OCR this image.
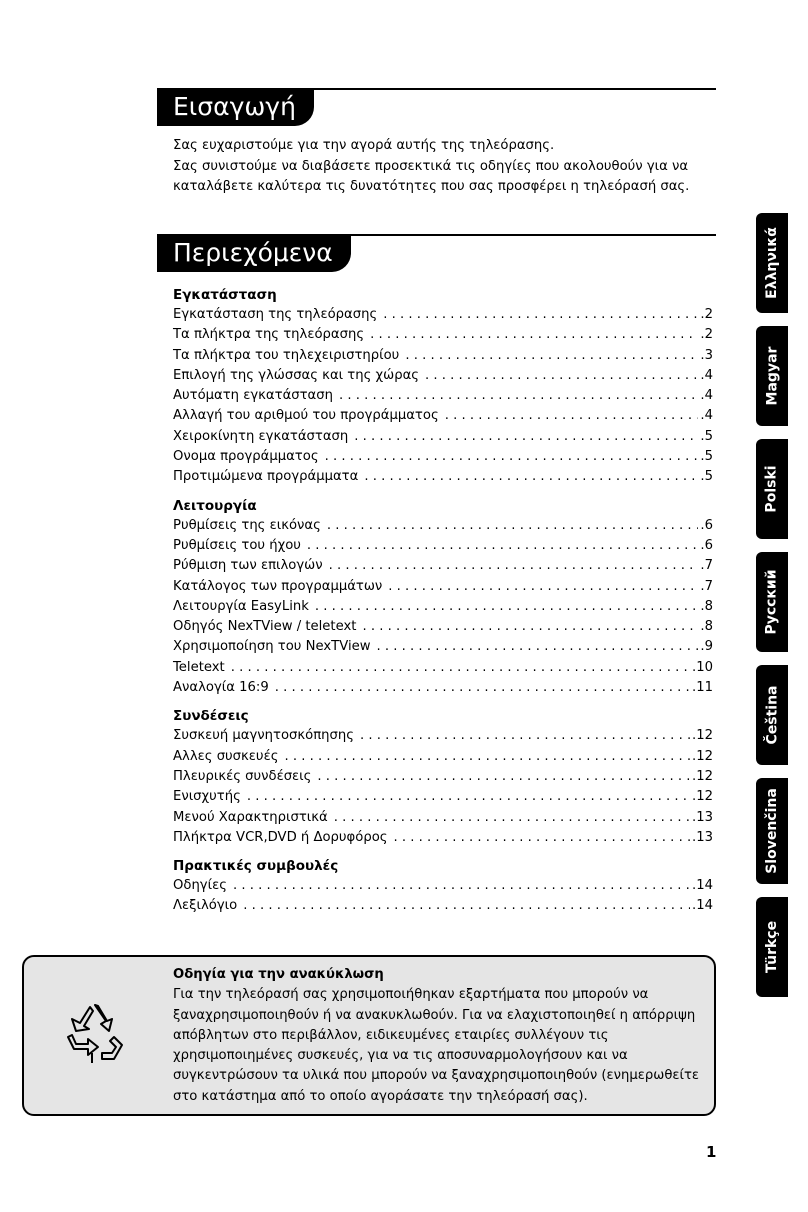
Εισαγωγή

Σας ευχαριστούμε για την αγορά αυτής της τηλεόρασης.

Σας συνιστούμε να διαβάσετε προσεκτικά τις οδηγίες που ακολουθούν για να καταλάβετε καλύτερα τις δυνατότητες που σας προσφέρει η τηλεόρασή σας.

Περιεχόμενα
Εγκατάσταση
Εγκατάσταση της τηλεόρασης . . .	.2
Τα πλήκτρα της τηλεόρασης . . .	.2
Τα πλήκτρα του τηλεχειριστηρίου . . .	.3
Επιλογή της γλώσσας και της χώρας . . .	.4
Αυτόματη εγκατάσταση . . .	.4
Αλλαγή του αριθμού του προγράμματος . . .	.4
Χειροκίνητη εγκατάσταση . . .	.5
Ονομα προγράμματος . . .	.5
Προτιμώμενα προγράμματα . . .	.5
Λειτουργία
Ρυθμίσεις της εικόνας . . .	.6
Ρυθμίσεις του ήχου . . .	.6
Ρύθμιση των επιλογών . . .	.7
Κατάλογος των προγραμμάτων . . .	.7
Λειτουργία EasyLink . . .	.8
Οδηγός NexTView / teletext . . .	.8
Χρησιμοποίηση του NexTView . . .	.9
Teletext . . .	.10
Αναλογία 16:9 . . .	.11
Συνδέσεις
Συσκευή μαγνητοσκόπησης . . .	.12
Αλλες συσκευές . . .	.12
Πλευρικές συνδέσεις . . .	.12
Ενισχυτής . . .	.12
Μενού Χαρακτηριστικά . . .	.13
Πλήκτρα VCR,DVD ή Δορυφόρος . . .	.13
Πρακτικές συμβουλές
Οδηγίες . . .	.14
Λεξιλόγιο . . .	.14
Οδηγία για την ανακύκλωση
Για την τηλεόρασή σας χρησιμοποιήθηκαν εξαρτήματα που μπορούν να ξαναχρησιμοποιηθούν ή να ανακυκλωθούν. Για να ελαχιστοποιηθεί η απόρριψη απόβλητων στο περιβάλλον, ειδικευμένες εταιρίες συλλέγουν τις χρησιμοποιημένες συσκευές, για να τις αποσυναρμολογήσουν και να συγκεντρώσουν τα υλικά που μπορούν να ξαναχρησιμοποιηθούν (ενημερωθείτε στο κατάστημα από το οποίο αγοράσατε την τηλεόρασή σας).
Ελληνικά
Magyar
Polski
Русский
Čeština
Slovenčina
Türkçe
1
